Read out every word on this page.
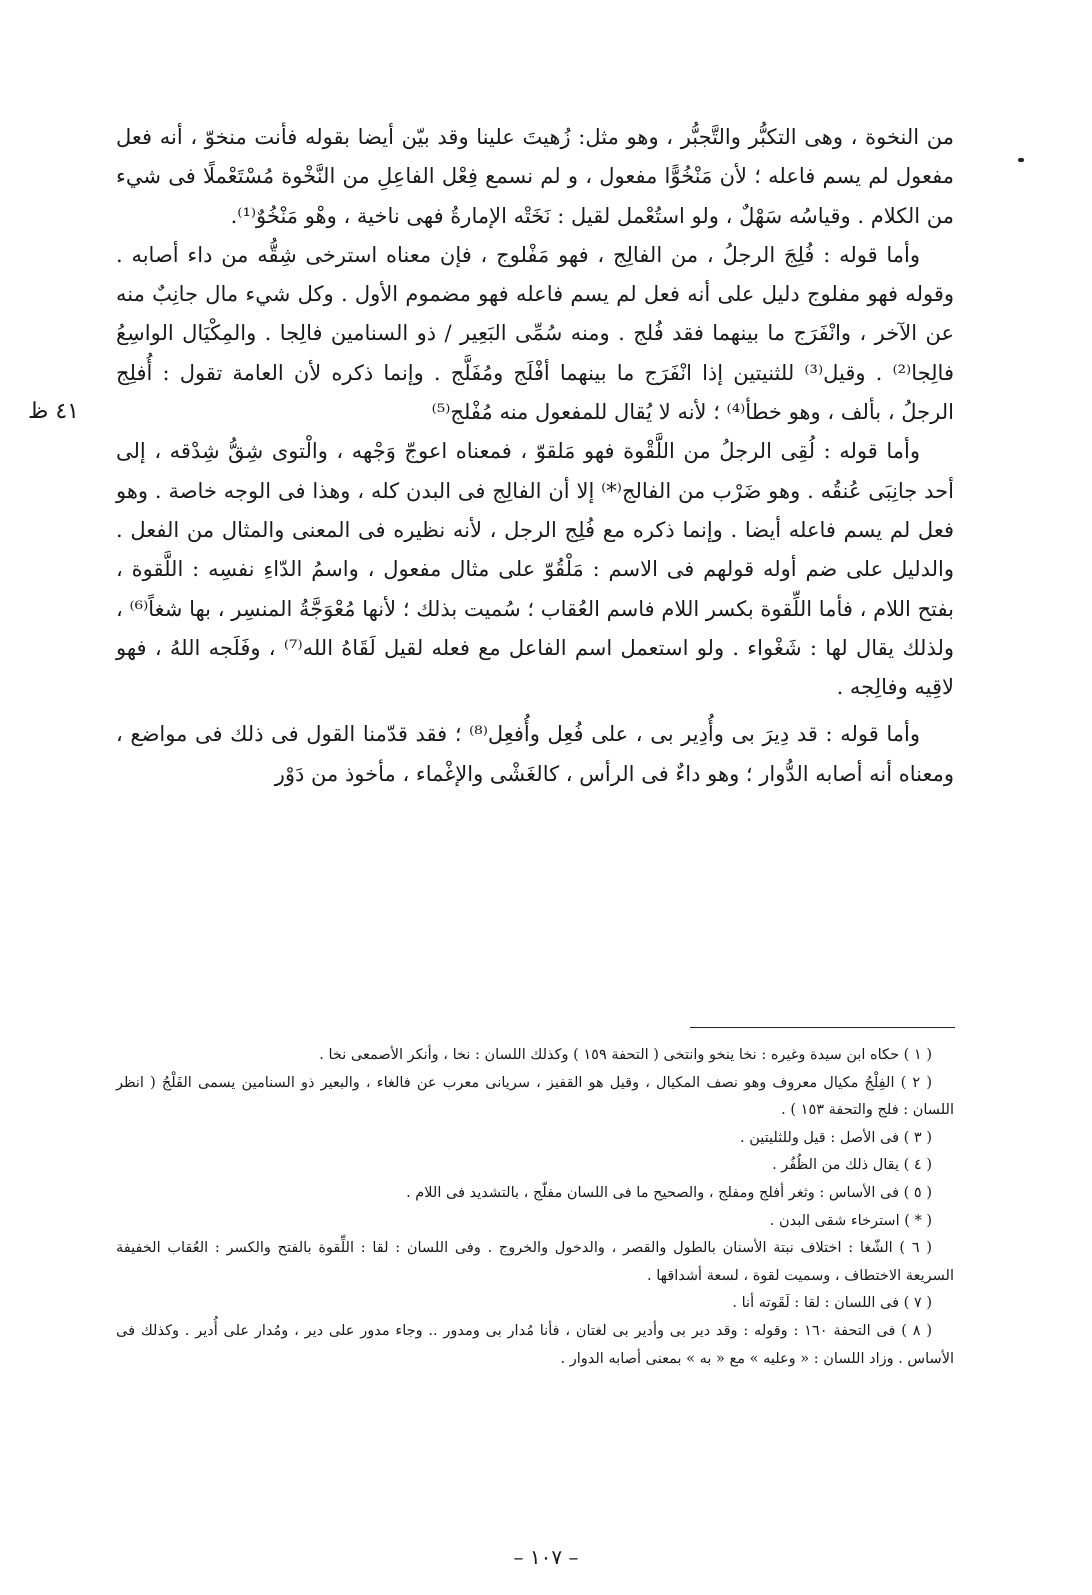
٤١ ظ

من النخوة ، وهى التكبُّر والتَّجبُّر ، وهو مثل: زُهيتَ علينا وقد بيّن أيضا بقوله فأنت منخوّ ، أنه فعل مفعول لم يسم فاعله ؛ لأن مَنْخُوًّا مفعول ، و لم نسمع فِعْل الفاعِلِ من النَّخْوة مُسْتَعْملًا فى شيء من الكلام . وقياسُه سَهْلٌ ، ولو استُعْمل لقيل : نَخَتْه الإمارةُ فهى ناخية ، وهْو مَنْخُوٌ⁽¹⁾.

وأما قوله : فُلِجَ الرجلُ ، من الفالِج ، فهو مَفْلوج ، فإن معناه استرخى شِقُّه من داء أصابه . وقوله فهو مفلوج دليل على أنه فعل لم يسم فاعله فهو مضموم الأول . وكل شيء مال جانِبٌ منه عن الآخر ، وانْفَرَج ما بينهما فقد فُلج . ومنه سُمِّى البَعِير / ذو السنامين فالِجا . والمِكْيَال الواسِعُ فالِجا⁽²⁾ . وقيل⁽³⁾ للثنيتين إذا انْفَرَج ما بينهما أفْلَج ومُفَلَّج . وإنما ذكره لأن العامة تقول : أُفلِج الرجلُ ، بألف ، وهو خطأ⁽⁴⁾ ؛ لأنه لا يُقال للمفعول منه مُفْلج⁽⁵⁾

وأما قوله : لُقِى الرجلُ من اللَّقْوة فهو مَلقوّ ، فمعناه اعوجّ وَجْهه ، والْتوى شِقُّ شِدْقه ، إلى أحد جانِبَى عُنقُه . وهو ضَرْب من الفالج⁽*⁾ إلا أن الفالِج فى البدن كله ، وهذا فى الوجه خاصة . وهو فعل لم يسم فاعله أيضا . وإنما ذكره مع فُلِج الرجل ، لأنه نظيره فى المعنى والمثال من الفعل . والدليل على ضم أوله قولهم فى الاسم : مَلْقُوّ على مثال مفعول ، واسمُ الدّاءِ نفسِه : اللَّقوة ، بفتح اللام ، فأما اللِّقوة بكسر اللام فاسم العُقاب ؛ سُميت بذلك ؛ لأنها مُعْوَجَّةُ المنسِر ، بها شغاً⁽⁶⁾ ، ولذلك يقال لها : شَغْواء . ولو استعمل اسم الفاعل مع فعله لقيل لَقَاهُ الله⁽⁷⁾ ، وفَلَجه اللهُ ، فهو لاقِيه وفالِجه .

وأما قوله : قد دِيرَ بى وأُدِير بى ، على فُعِل وأُفعِل⁽⁸⁾ ؛ فقد قدّمنا القول فى ذلك فى مواضع ، ومعناه أنه أصابه الدُّوار ؛ وهو داءٌ فى الرأس ، كالغَشْى والإغْماء ، مأخوذ من دَوْر

( ١ ) حكاه ابن سيدة وغيره : نخا ينخو وانتخى ( التحفة ١٥٩ ) وكذلك اللسان : نخا ، وأنكر الأصمعى نخا .

( ٢ ) الفِلْجُ مكيال معروف وهو نصف المكيال ، وقيل هو القفيز ، سريانى معرب عن فالغاء ، والبعير ذو السنامين يسمى الفَلْجُ ( انظر اللسان : فلج والتحفة ١٥٣ ) .

( ٣ ) فى الأصل : قيل وللثليتين .

( ٤ ) يقال ذلك من الظُفُر .

( ٥ ) فى الأساس : وثغر أفلج ومفلج ، والصحيح ما فى اللسان مفلّج ، بالتشديد فى اللام .

( * ) استرخاء شقى البدن .

( ٦ ) الشّغا : اختلاف نبتة الأسنان بالطول والقصر ، والدخول والخروج . وفى اللسان : لقا : اللِّقوة بالفتح والكسر : العُقاب الخفيفة السريعة الاختطاف ، وسميت لقوة ، لسعة أشداقها .

( ٧ ) فى اللسان : لقا : لَقَوته أنا .

( ٨ ) فى التحفة ١٦٠ : وقوله : وقد دير بى وأدير بى لغتان ، فأنا مُدار بى ومدور .. وجاء مدور على دير ، ومُدار على أُدير . وكذلك فى الأساس . وزاد اللسان : « وعليه » مع « به » بمعنى أصابه الدوار .

– ١٠٧ –
